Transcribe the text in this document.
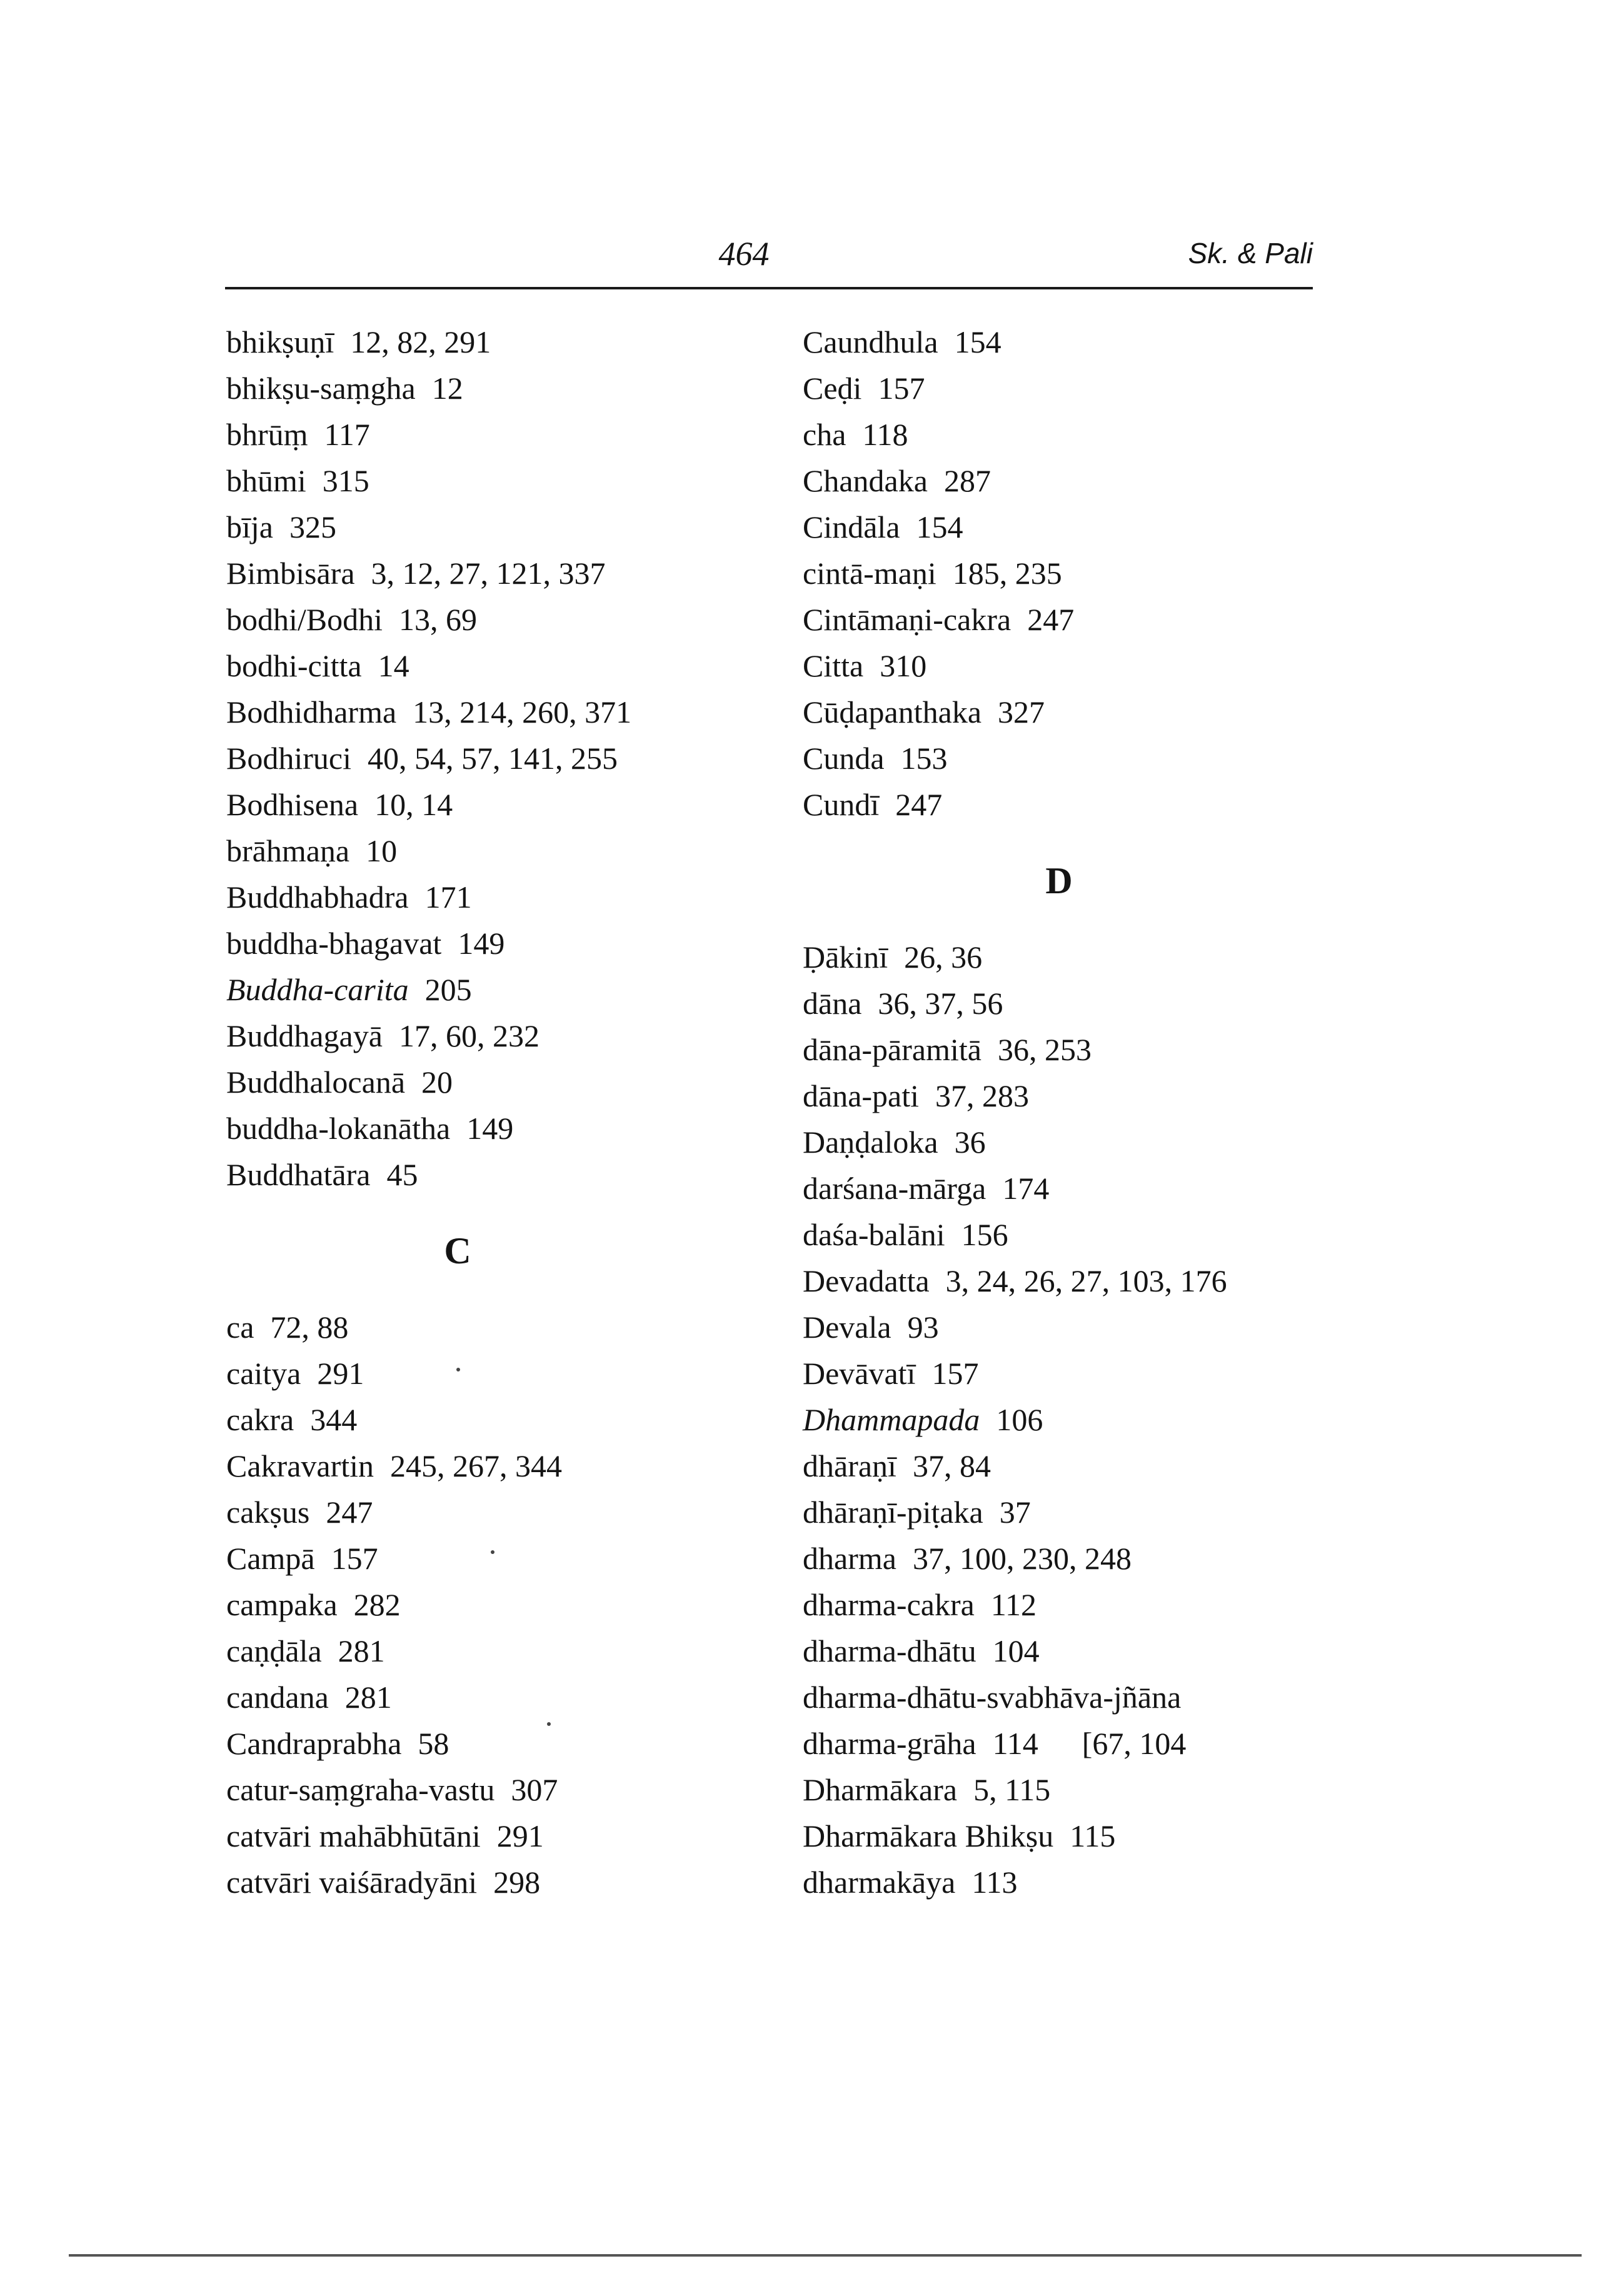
464	Sk. & Pali
bhikṣuṇī 12, 82, 291
bhikṣu-saṃgha 12
bhrūṃ 117
bhūmi 315
bīja 325
Bimbisāra 3, 12, 27, 121, 337
bodhi/Bodhi 13, 69
bodhi-citta 14
Bodhidharma 13, 214, 260, 371
Bodhiruci 40, 54, 57, 141, 255
Bodhisena 10, 14
brāhmaṇa 10
Buddhabhadra 171
buddha-bhagavat 149
Buddha-carita 205
Buddhagayā 17, 60, 232
Buddhalocanā 20
buddha-lokanātha 149
Buddhatāra 45
C
ca 72, 88
caitya 291
cakra 344
Cakravartin 245, 267, 344
cakṣus 247
Campā 157
campaka 282
caṇḍāla 281
candana 281
Candraprabha 58
catur-saṃgraha-vastu 307
catvāri mahābhūtāni 291
catvāri vaiśāradyāni 298
Caundhula 154
Ceḍi 157
cha 118
Chandaka 287
Cindāla 154
cintā-maṇi 185, 235
Cintāmaṇi-cakra 247
Citta 310
Cūḍapanthaka 327
Cunda 153
Cundī 247
D
Ḍākinī 26, 36
dāna 36, 37, 56
dāna-pāramitā 36, 253
dāna-pati 37, 283
Daṇḍaloka 36
darśana-mārga 174
daśa-balāni 156
Devadatta 3, 24, 26, 27, 103, 176
Devala 93
Devāvatī 157
Dhammapada 106
dhāraṇī 37, 84
dhāraṇī-piṭaka 37
dharma 37, 100, 230, 248
dharma-cakra 112
dharma-dhātu 104
dharma-dhātu-svabhāva-jñāna
dharma-grāha 114 [67, 104
Dharmākara 5, 115
Dharmākara Bhikṣu 115
dharmakāya 113
